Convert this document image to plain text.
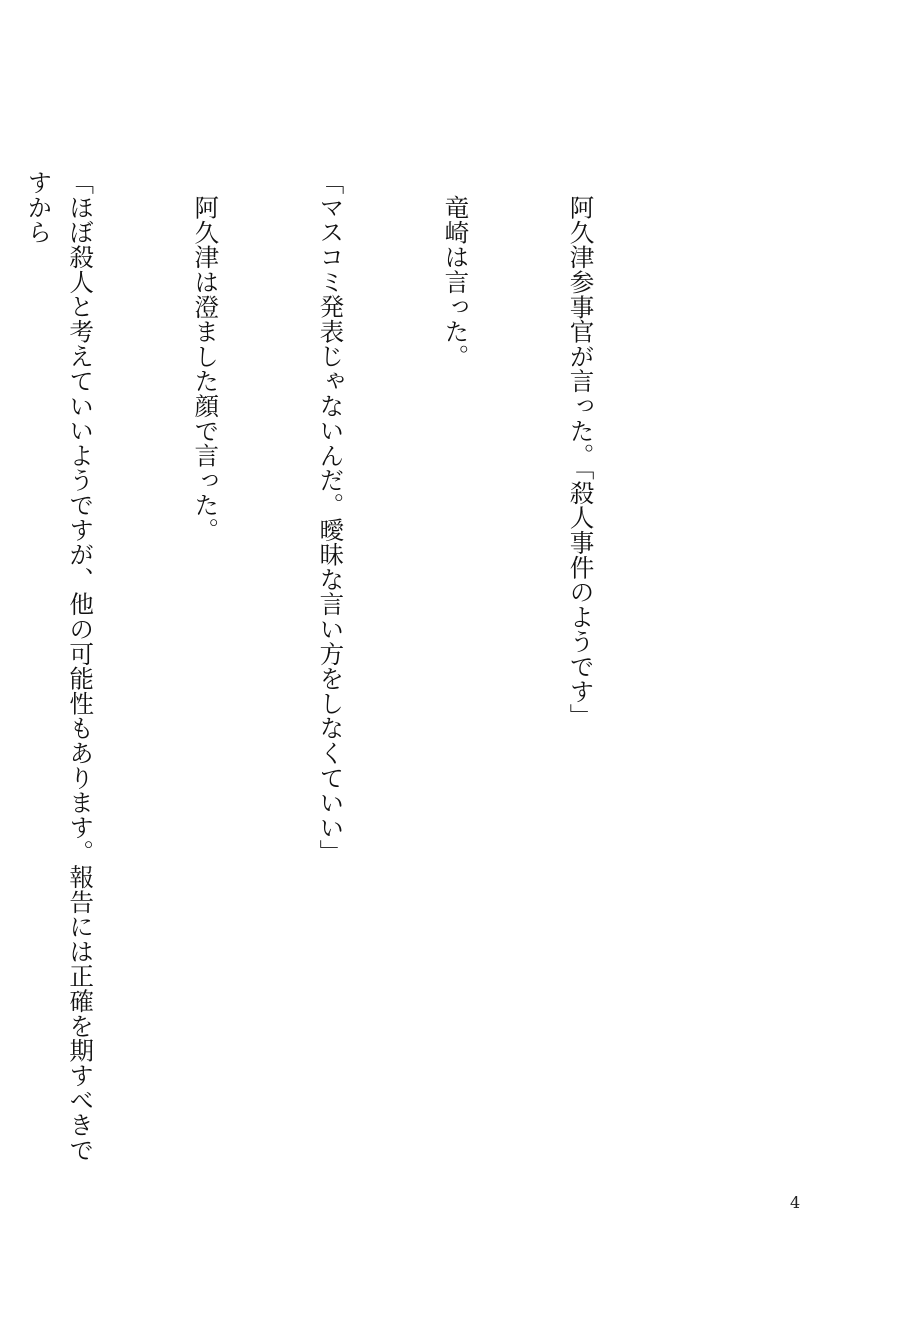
阿久津参事官が言った。「殺人事件のようです」

竜崎は言った。

「マスコミ発表じゃないんだ。曖昧な言い方をしなくていい」

阿久津は澄ました顔で言った。

「ほぼ殺人と考えていいようですが、他の可能性もあります。報告には正確を期すべきですから

4
